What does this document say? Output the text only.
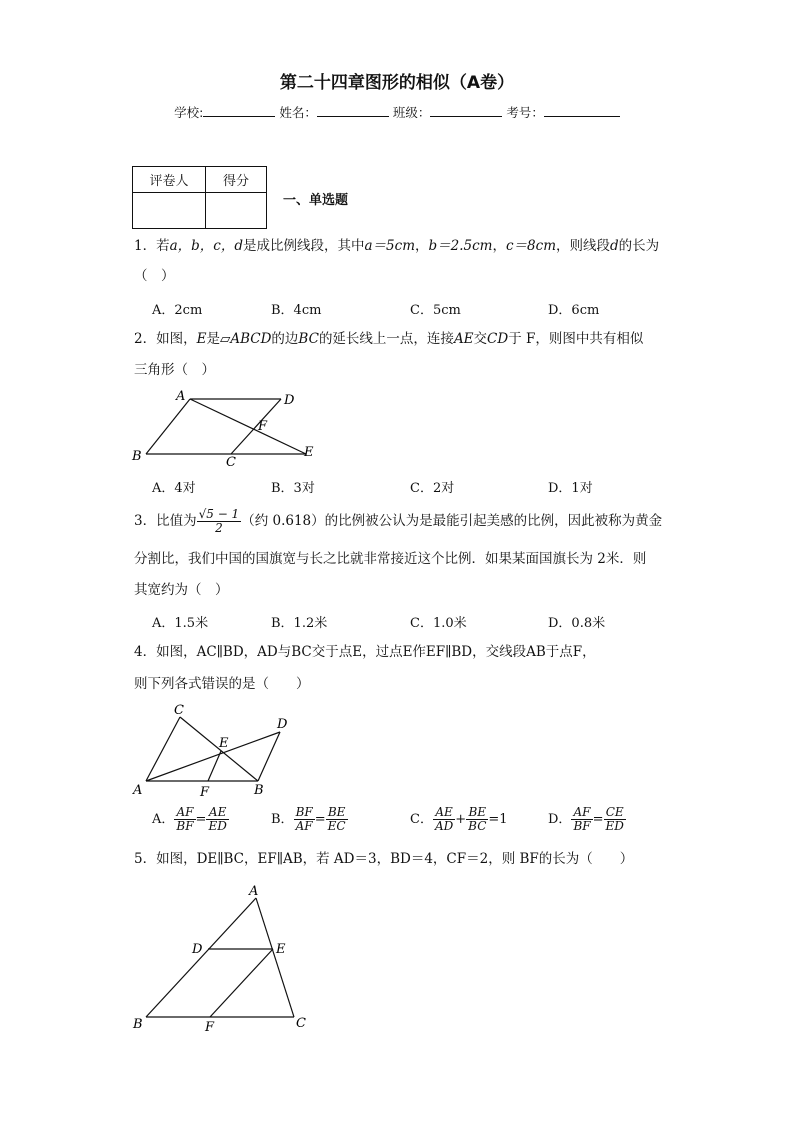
第二十四章图形的相似（A卷）
学校:	姓名：	班级：	考号：
评卷人	得分

一、单选题
1．若a，b，c，d是成比例线段，其中a＝5cm，b＝2.5cm，c＝8cm，则线段d的长为
（　）
A．2cm	B．4cm	C．5cm	D．6cm
2．如图，E是▱ABCD的边BC的延长线上一点，连接AE交CD于 F，则图中共有相似
三角形（　）
A	D
F
B	C
E
A．4对	B．3对	C．2对	D．1对
3．比值为 $\frac{√5 - 1}{2}$ （约 0.618）的比例被公认为是最能引起美感的比例，因此被称为黄金
分割比，我们中国的国旗宽与长之比就非常接近这个比例．如果某面国旗长为 2米．则
其宽约为（　）
A．1.5米	B．1.2米	C．1.0米	D．0.8米
4．如图，AC∥BD，AD与BC交于点E，过点E作EF∥BD，交线段AB于点F，
则下列各式错误的是（　　）
C
D
E
A	F	B
A． $\frac{AF}{BF} = \frac{AE}{ED}$	B． $\frac{BF}{AF} = \frac{BE}{EC}$	C． $\frac{AE}{AD} + \frac{BE}{BC} =1$	D． $\frac{AF}{BF} = \frac{CE}{ED}$
5．如图，DE∥BC，EF∥AB，若 AD＝3，BD＝4，CF＝2，则 BF的长为（　　）
A
D	E
B	F	C
